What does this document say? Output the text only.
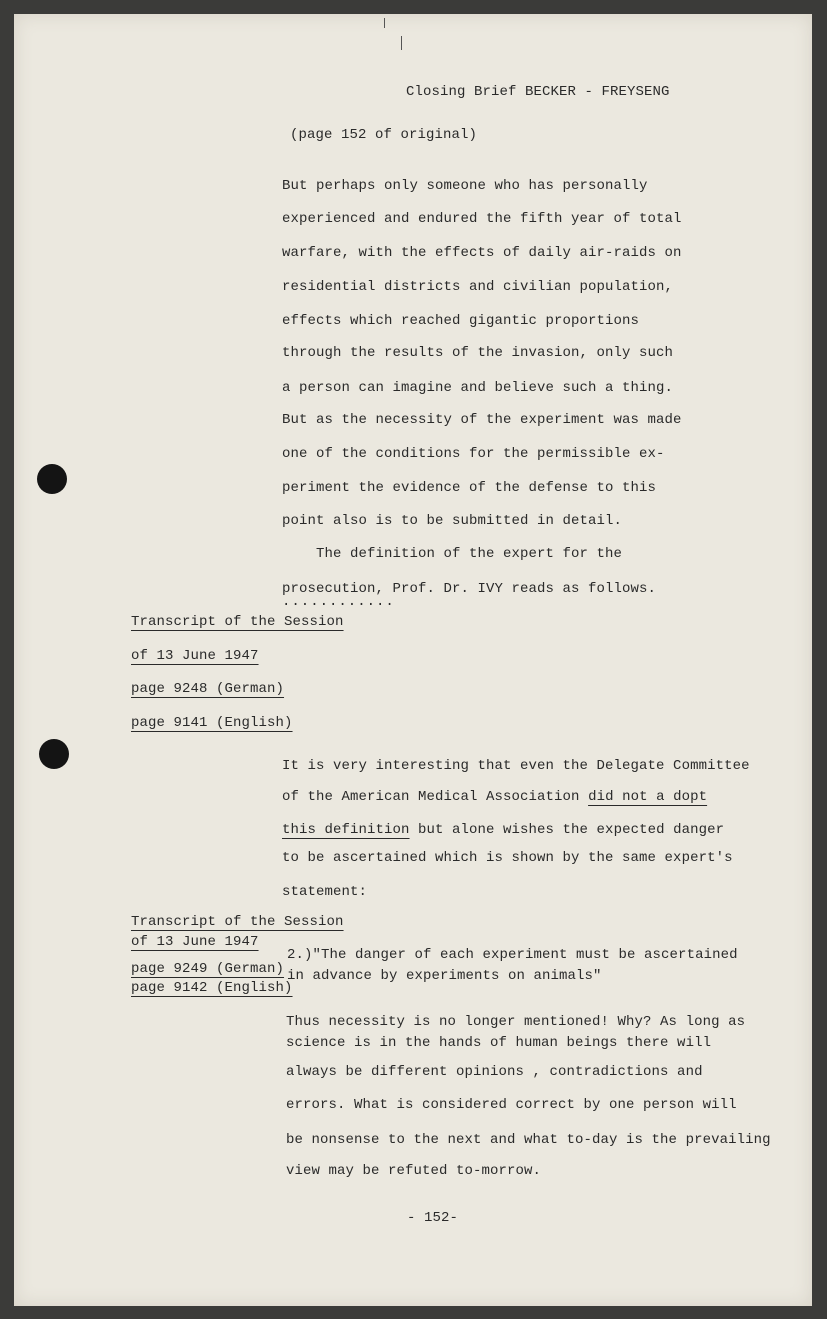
Closing Brief BECKER - FREYSENG
(page 152 of original)
But perhaps only someone who has personally
experienced and endured the fifth year of total
warfare, with the effects of daily air-raids on
residential districts and civilian population,
effects which reached gigantic proportions
through the results of the invasion, only such
a person can imagine and believe such a thing.
But as the necessity of the experiment was made
one of the conditions for the permissible ex-
periment the evidence of the defense to this
point also is to be submitted in detail.
The definition of the expert for the
prosecution, Prof. Dr. IVY reads as follows.
............
Transcript of the Session
of 13 June 1947
page 9248 (German)
page 9141 (English)
It is very interesting that even the Delegate Committee
of the American Medical Association did not a dopt
this definition but alone wishes the expected danger
to be ascertained which is shown by the same expert's
statement:
Transcript of the Session
of 13 June 1947
page 9249 (German)
page 9142 (English)
2.)"The danger of each experiment must be ascertained
in advance by experiments on animals"
Thus necessity is no longer mentioned! Why? As long as
science is in the hands of human beings there will
always be different opinions , contradictions and
errors. What is considered correct by one person will
be nonsense to the next and what to-day is the prevailing
view may be refuted to-morrow.
- 152-
